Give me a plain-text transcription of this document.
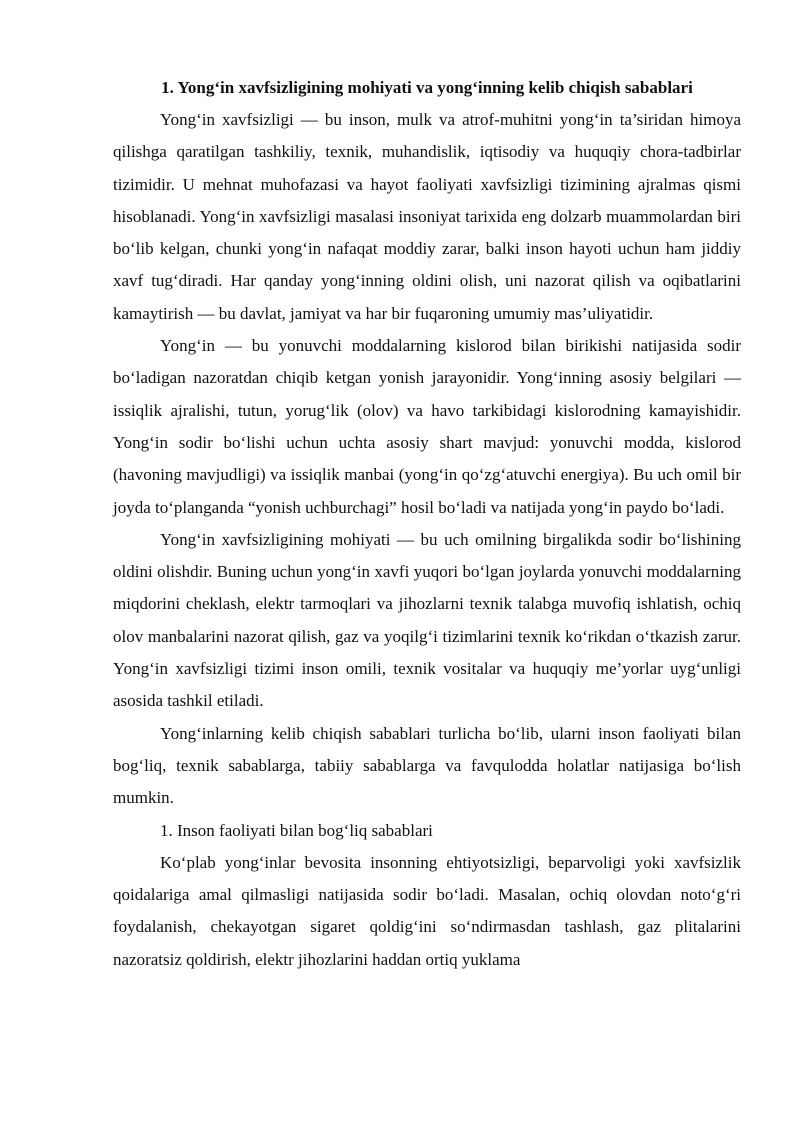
1. Yong‘in xavfsizligining mohiyati va yong‘inning kelib chiqish sabablari

Yong‘in xavfsizligi — bu inson, mulk va atrof-muhitni yong‘in ta’siridan himoya qilishga qaratilgan tashkiliy, texnik, muhandislik, iqtisodiy va huquqiy chora-tadbirlar tizimidir. U mehnat muhofazasi va hayot faoliyati xavfsizligi tizimining ajralmas qismi hisoblanadi. Yong‘in xavfsizligi masalasi insoniyat tarixida eng dolzarb muammolardan biri bo‘lib kelgan, chunki yong‘in nafaqat moddiy zarar, balki inson hayoti uchun ham jiddiy xavf tug‘diradi. Har qanday yong‘inning oldini olish, uni nazorat qilish va oqibatlarini kamaytirish — bu davlat, jamiyat va har bir fuqaroning umumiy mas’uliyatidir.

Yong‘in — bu yonuvchi moddalarning kislorod bilan birikishi natijasida sodir bo‘ladigan nazoratdan chiqib ketgan yonish jarayonidir. Yong‘inning asosiy belgilari — issiqlik ajralishi, tutun, yorug‘lik (olov) va havo tarkibidagi kislorodning kamayishidir. Yong‘in sodir bo‘lishi uchun uchta asosiy shart mavjud: yonuvchi modda, kislorod (havoning mavjudligi) va issiqlik manbai (yong‘in qo‘zg‘atuvchi energiya). Bu uch omil bir joyda to‘planganda “yonish uchburchagi” hosil bo‘ladi va natijada yong‘in paydo bo‘ladi.

Yong‘in xavfsizligining mohiyati — bu uch omilning birgalikda sodir bo‘lishining oldini olishdir. Buning uchun yong‘in xavfi yuqori bo‘lgan joylarda yonuvchi moddalarning miqdorini cheklash, elektr tarmoqlari va jihozlarni texnik talabga muvofiq ishlatish, ochiq olov manbalarini nazorat qilish, gaz va yoqilg‘i tizimlarini texnik ko‘rikdan o‘tkazish zarur. Yong‘in xavfsizligi tizimi inson omili, texnik vositalar va huquqiy me’yorlar uyg‘unligi asosida tashkil etiladi.

Yong‘inlarning kelib chiqish sabablari turlicha bo‘lib, ularni inson faoliyati bilan bog‘liq, texnik sabablarga, tabiiy sabablarga va favqulodda holatlar natijasiga bo‘lish mumkin.

1. Inson faoliyati bilan bog‘liq sabablari

Ko‘plab yong‘inlar bevosita insonning ehtiyotsizligi, beparvoligi yoki xavfsizlik qoidalariga amal qilmasligi natijasida sodir bo‘ladi. Masalan, ochiq olovdan noto‘g‘ri foydalanish, chekayotgan sigaret qoldig‘ini so‘ndirmasdan tashlash, gaz plitalarini nazoratsiz qoldirish, elektr jihozlarini haddan ortiq yuklama
